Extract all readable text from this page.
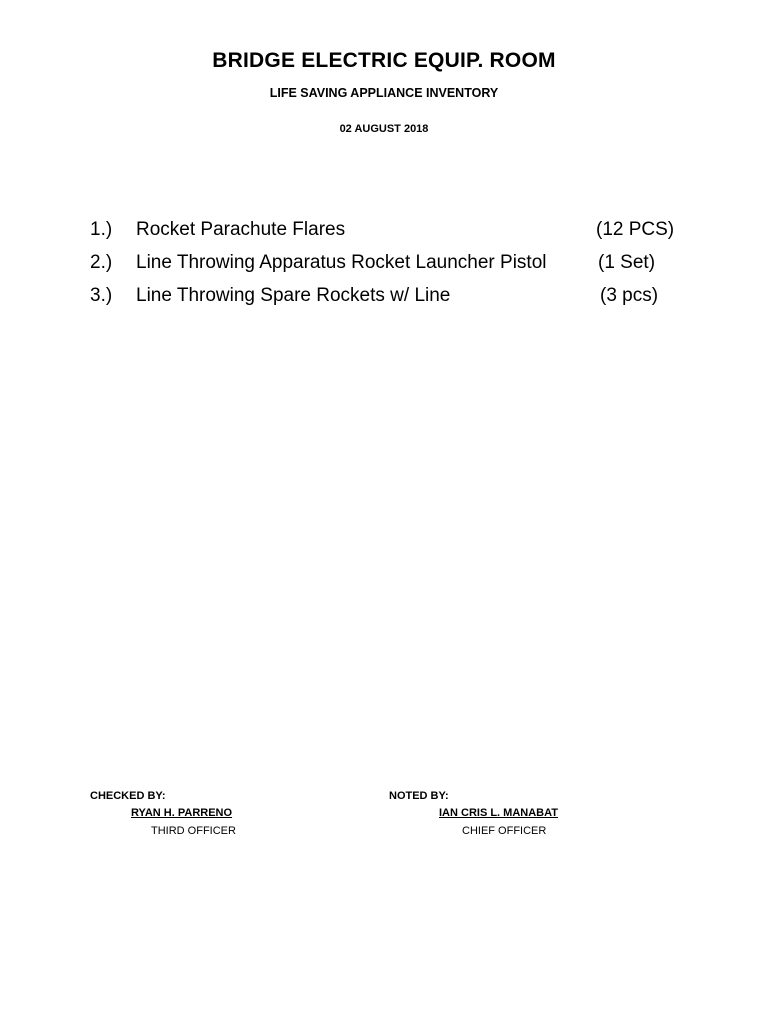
BRIDGE ELECTRIC EQUIP. ROOM
LIFE SAVING APPLIANCE INVENTORY
02 AUGUST 2018
1.) Rocket Parachute Flares	(12 PCS)
2.) Line Throwing Apparatus Rocket Launcher Pistol	(1 Set)
3.) Line Throwing Spare Rockets w/ Line	(3 pcs)
CHECKED BY:
RYAN H. PARRENO
THIRD OFFICER
NOTED BY:
IAN CRIS L. MANABAT
CHIEF OFFICER
